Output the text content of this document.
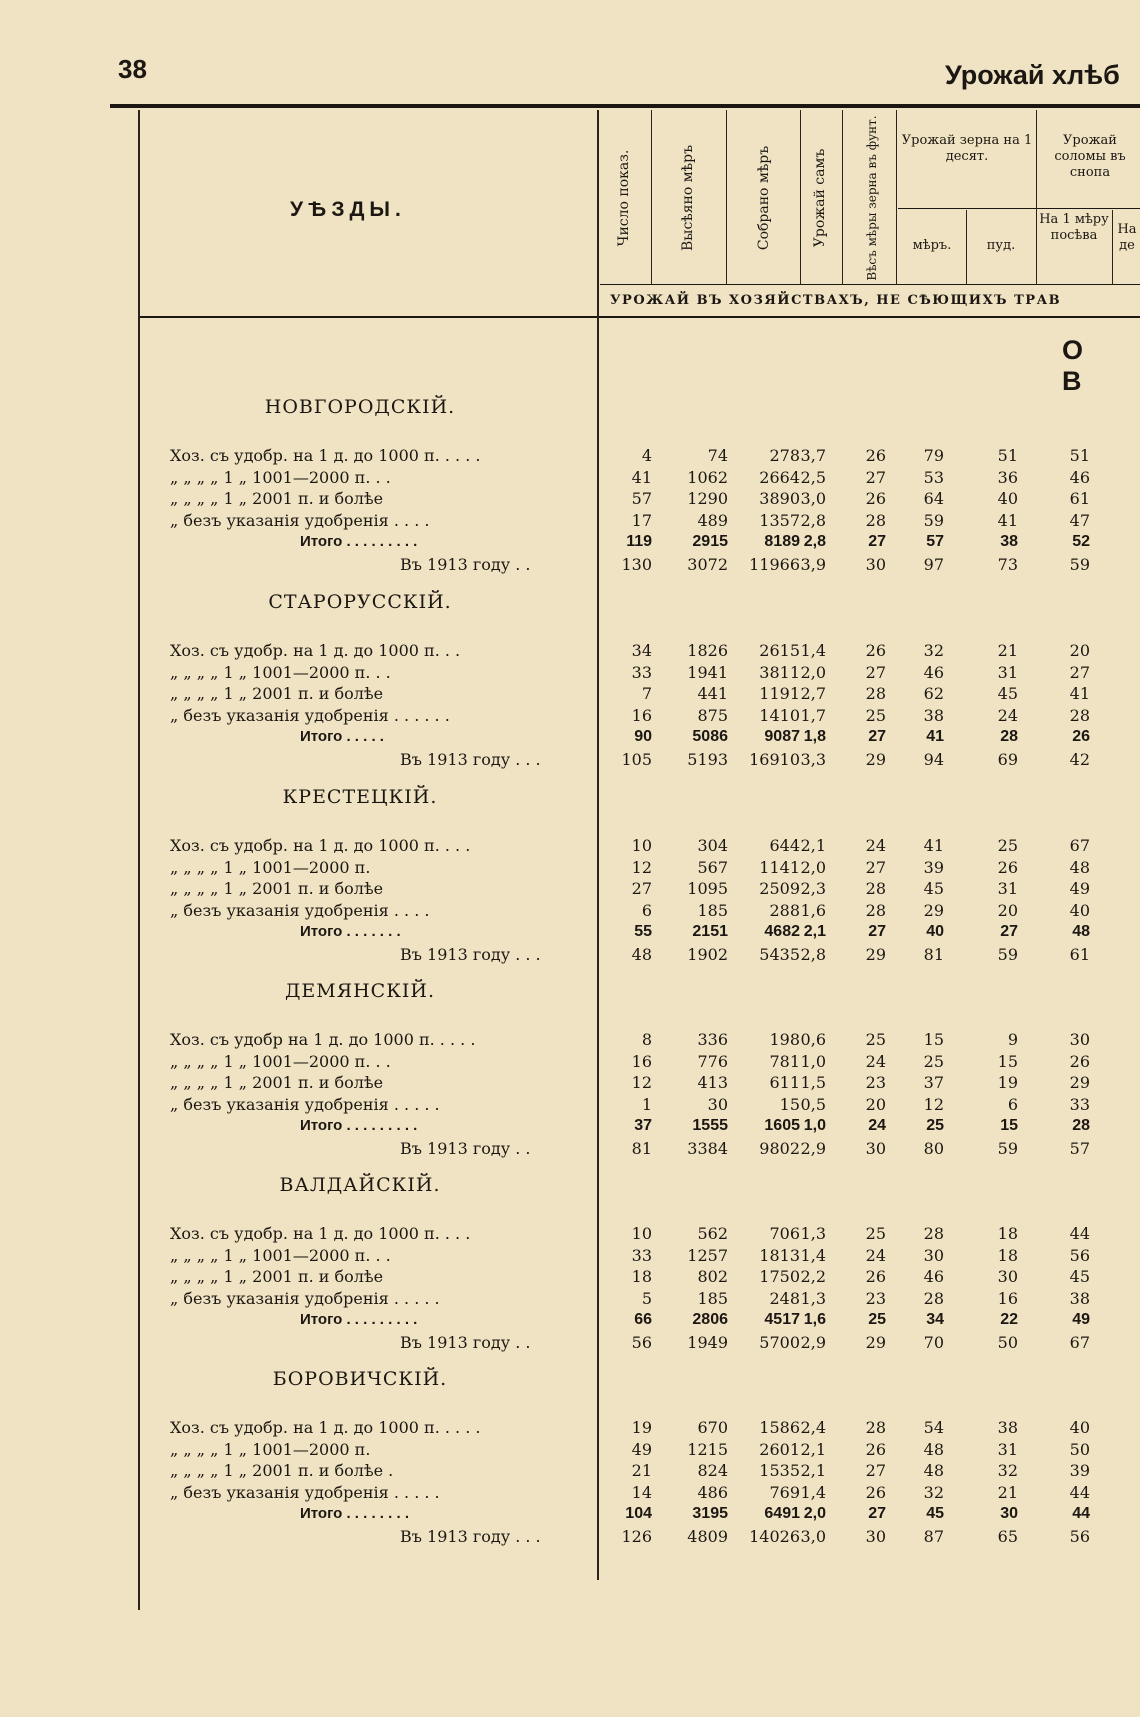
38	Урожай хлѣб
УѢЗДЫ.	Число показ.	Высѣяно мѣръ	Собрано мѣръ	Урожай самъ	Вѣсъ мѣры зерна въ фунт. Урожай зерна на 1 десят.
мѣръ.	пуд.
Урожай соломы въ снопа
На 1 мѣру посѣва	На де
УРОЖАЙ ВЪ ХОЗЯЙСТВАХЪ, НЕ СѢЮЩИХЪ ТРАВ
О В
НОВГОРОДСКІЙ.
Хоз. съ удобр. на 1 д. до 1000 п. . . . .	4	74	278 3,7	26	79	51	51
„ „ „ „ 1 „ 1001—2000 п. . .	41	1062	2664 2,5	27	53	36	46
„ „ „ „ 1 „ 2001 п. и болѣе	57	1290	3890 3,0	26	64	40	61
„ безъ указанія удобренія . . . .	17	489	1357 2,8	28	59	41	47
Итого . . . . . . . . .	119	2915	8189 2,8	27	57	38	52
Въ 1913 году . .	130	3072	11966 3,9	30	97	73	59
СТАРОРУССКІЙ.
Хоз. съ удобр. на 1 д. до 1000 п. . .	34	1826	2615 1,4	26	32	21	20
„ „ „ „ 1 „ 1001—2000 п. . .	33	1941	3811 2,0	27	46	31	27
„ „ „ „ 1 „ 2001 п. и болѣе	7	441	1191 2,7	28	62	45	41
„ безъ указанія удобренія . . . . . .	16	875	1410 1,7	25	38	24	28
Итого . . . . .	90	5086	9087 1,8	27	41	28	26
Въ 1913 году . . .	105	5193	16910 3,3	29	94	69	42
КРЕСТЕЦКІЙ.
Хоз. съ удобр. на 1 д. до 1000 п. . . .	10	304	644 2,1	24	41	25	67
„ „ „ „ 1 „ 1001—2000 п.	12	567	1141 2,0	27	39	26	48
„ „ „ „ 1 „ 2001 п. и болѣе	27	1095	2509 2,3	28	45	31	49
„ безъ указанія удобренія . . . .	6	185	288 1,6	28	29	20	40
Итого . . . . . . .	55	2151	4682 2,1	27	40	27	48
Въ 1913 году . . .	48	1902	5435 2,8	29	81	59	61
ДЕМЯНСКІЙ.
Хоз. съ удобр на 1 д. до 1000 п. . . . .	8	336	198 0,6	25	15	9	30
„ „ „ „ 1 „ 1001—2000 п. . .	16	776	781 1,0	24	25	15	26
„ „ „ „ 1 „ 2001 п. и болѣе	12	413	611 1,5	23	37	19	29
„ безъ указанія удобренія . . . . .	1	30	15 0,5	20	12	6	33
Итого . . . . . . . . .	37	1555	1605 1,0	24	25	15	28
Въ 1913 году . .	81	3384	9802 2,9	30	80	59	57
ВАЛДАЙСКІЙ.
Хоз. съ удобр. на 1 д. до 1000 п. . . .	10	562	706 1,3	25	28	18	44
„ „ „ „ 1 „ 1001—2000 п. . .	33	1257	1813 1,4	24	30	18	56
„ „ „ „ 1 „ 2001 п. и болѣе	18	802	1750 2,2	26	46	30	45
„ безъ указанія удобренія . . . . .	5	185	248 1,3	23	28	16	38
Итого . . . . . . . . .	66	2806	4517 1,6	25	34	22	49
Въ 1913 году . .	56	1949	5700 2,9	29	70	50	67
БОРОВИЧСКІЙ.
Хоз. съ удобр. на 1 д. до 1000 п. . . . .	19	670	1586 2,4	28	54	38	40
„ „ „ „ 1 „ 1001—2000 п.	49	1215	2601 2,1	26	48	31	50
„ „ „ „ 1 „ 2001 п. и болѣе .	21	824	1535 2,1	27	48	32	39
„ безъ указанія удобренія . . . . .	14	486	769 1,4	26	32	21	44
Итого . . . . . . . .	104	3195	6491 2,0	27	45	30	44
Въ 1913 году . . .	126	4809	14026 3,0	30	87	65	56
